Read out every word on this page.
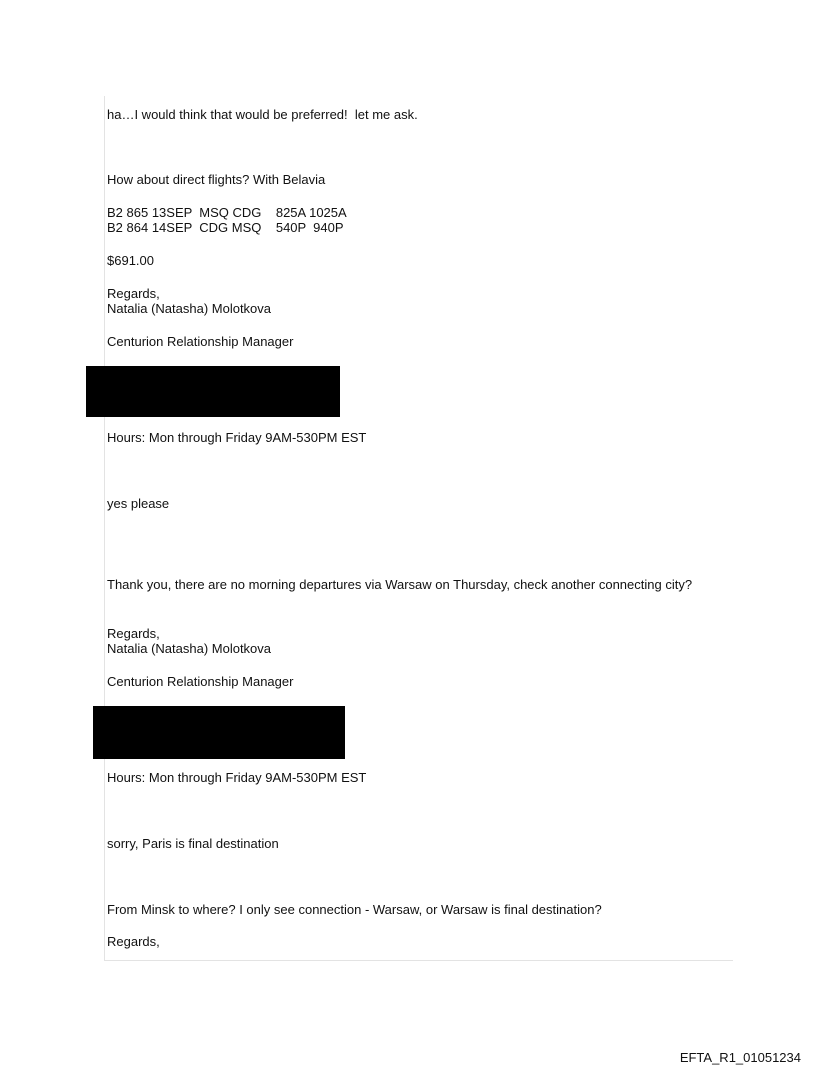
ha…I would think that would be preferred!  let me ask.

How about direct flights? With Belavia

B2 865 13SEP  MSQ CDG    825A 1025A

B2 864 14SEP  CDG MSQ    540P  940P

$691.00

Regards,

Natalia (Natasha) Molotkova

Centurion Relationship Manager

Hours: Mon through Friday 9AM-530PM EST

yes please

Thank you, there are no morning departures via Warsaw on Thursday, check another connecting city?

Regards,

Natalia (Natasha) Molotkova

Centurion Relationship Manager

Hours: Mon through Friday 9AM-530PM EST

sorry, Paris is final destination

From Minsk to where? I only see connection - Warsaw, or Warsaw is final destination?

Regards,

EFTA_R1_01051234
